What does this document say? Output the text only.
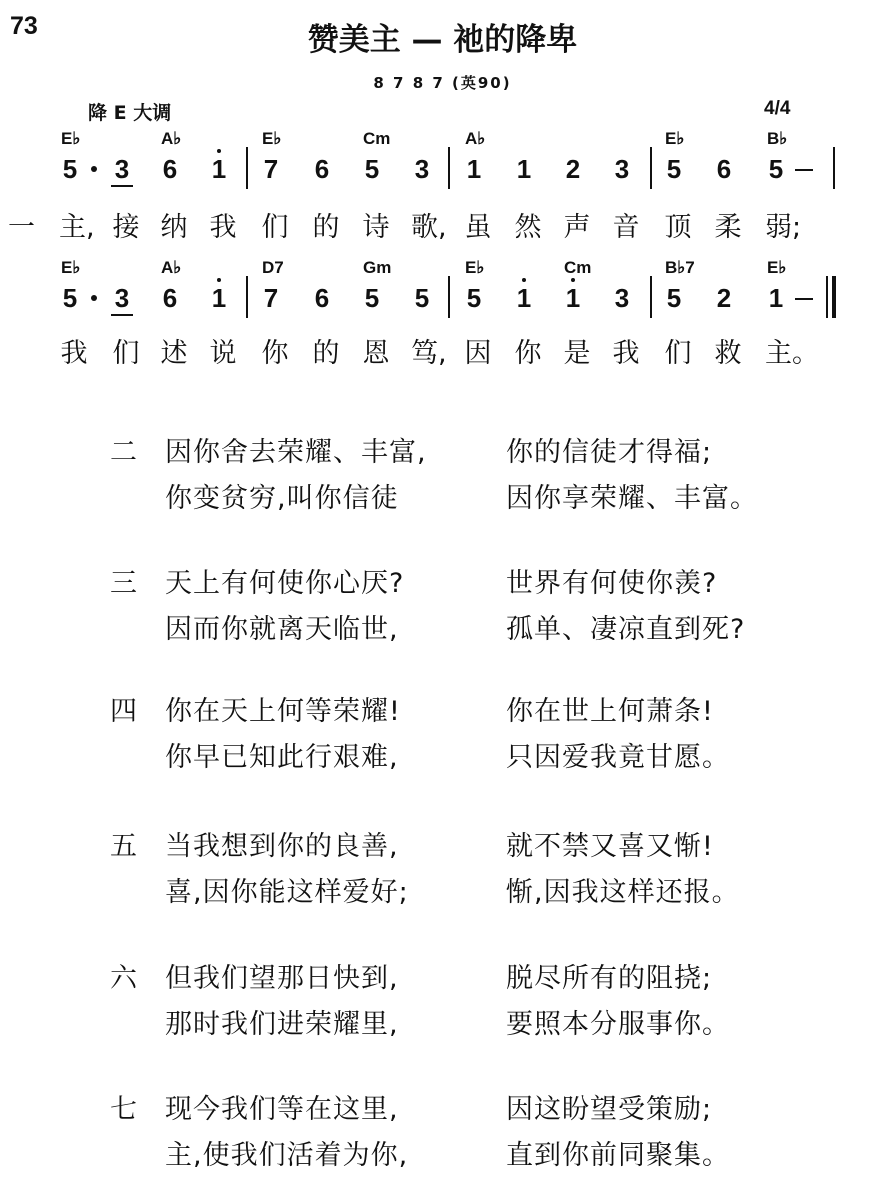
73	赞美主 — 祂的降卑
8 7 8 7 (英90)
降 E 大调	4/4
E♭	A♭	E♭	Cm	A♭	E♭	B♭
5 3 6 1 7 6 5 3 1 1 2 3 5 6 5
E♭	A♭	D7	Gm	E♭	Cm	B♭7	E♭
5 3 6 1 7 6 5 5 5 1 1 3 5 2 1
一 主, 接 纳 我 们 的 诗 歌, 虽 然 声 音 顶 柔 弱;
我 们 述 说 你 的 恩 笃, 因 你 是 我 们 救 主。
二 因你舍去荣耀、丰富,	你的信徒才得福;
你变贫穷,叫你信徒	因你享荣耀、丰富。
三 天上有何使你心厌?	世界有何使你羡?
因而你就离天临世,	孤单、凄凉直到死?
四 你在天上何等荣耀!	你在世上何萧条!
你早已知此行艰难,	只因爱我竟甘愿。
五 当我想到你的良善,	就不禁又喜又惭!
喜,因你能这样爱好;	惭,因我这样还报。
六 但我们望那日快到,	脱尽所有的阻挠;
那时我们进荣耀里,	要照本分服事你。
七 现今我们等在这里,	因这盼望受策励;
主,使我们活着为你,	直到你前同聚集。
